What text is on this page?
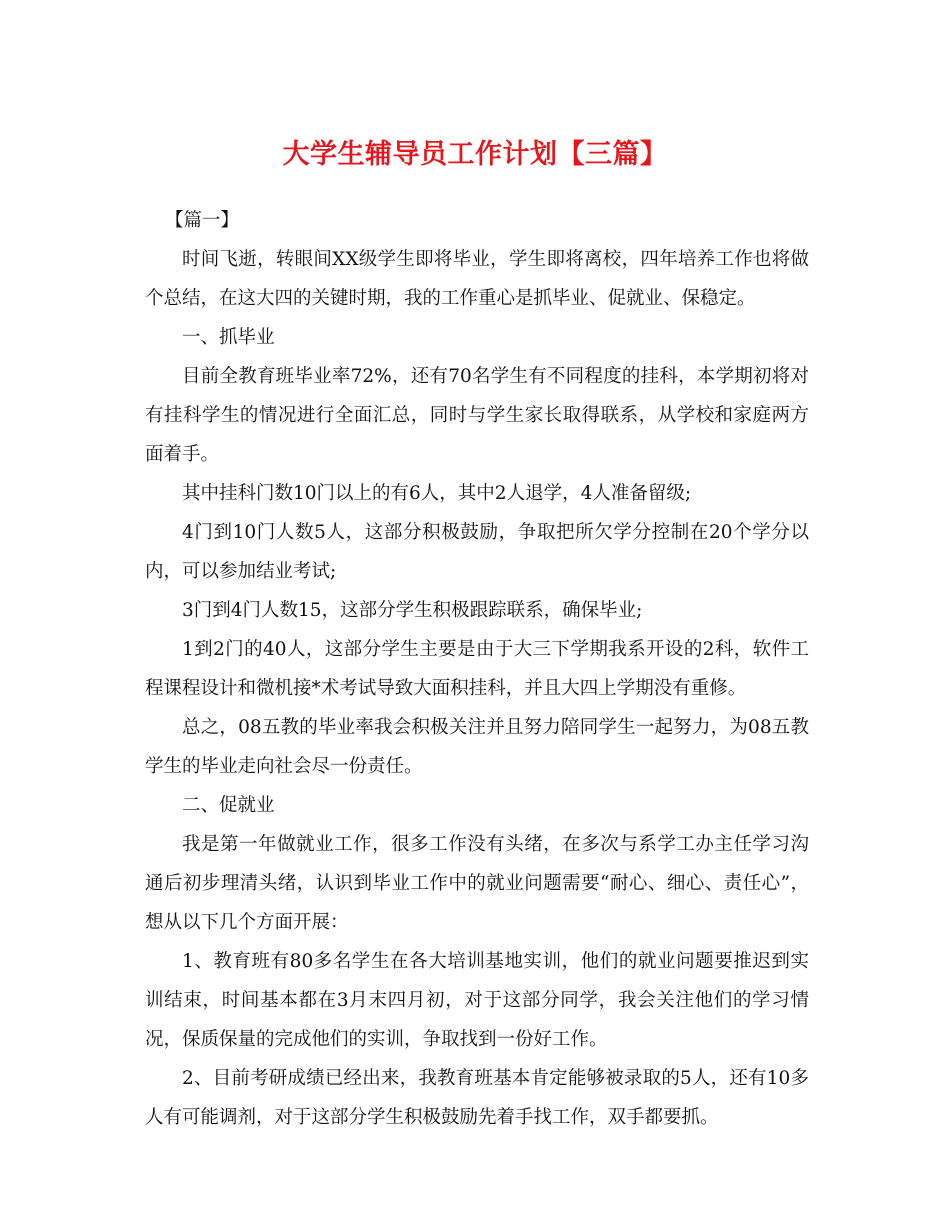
大学生辅导员工作计划【三篇】

【篇一】

时间飞逝，转眼间XX级学生即将毕业，学生即将离校，四年培养工作也将做个总结，在这大四的关键时期，我的工作重心是抓毕业、促就业、保稳定。

一、抓毕业

目前全教育班毕业率72%，还有70名学生有不同程度的挂科，本学期初将对有挂科学生的情况进行全面汇总，同时与学生家长取得联系，从学校和家庭两方面着手。

其中挂科门数10门以上的有6人，其中2人退学，4人准备留级;

4门到10门人数5人，这部分积极鼓励，争取把所欠学分控制在20个学分以内，可以参加结业考试;

3门到4门人数15，这部分学生积极跟踪联系，确保毕业;

1到2门的40人，这部分学生主要是由于大三下学期我系开设的2科，软件工程课程设计和微机接*术考试导致大面积挂科，并且大四上学期没有重修。

总之，08五教的毕业率我会积极关注并且努力陪同学生一起努力，为08五教学生的毕业走向社会尽一份责任。

二、促就业

我是第一年做就业工作，很多工作没有头绪，在多次与系学工办主任学习沟通后初步理清头绪，认识到毕业工作中的就业问题需要“耐心、细心、责任心”，想从以下几个方面开展：

1、教育班有80多名学生在各大培训基地实训，他们的就业问题要推迟到实训结束，时间基本都在3月末四月初，对于这部分同学，我会关注他们的学习情况，保质保量的完成他们的实训，争取找到一份好工作。

2、目前考研成绩已经出来，我教育班基本肯定能够被录取的5人，还有10多人有可能调剂，对于这部分学生积极鼓励先着手找工作，双手都要抓。
